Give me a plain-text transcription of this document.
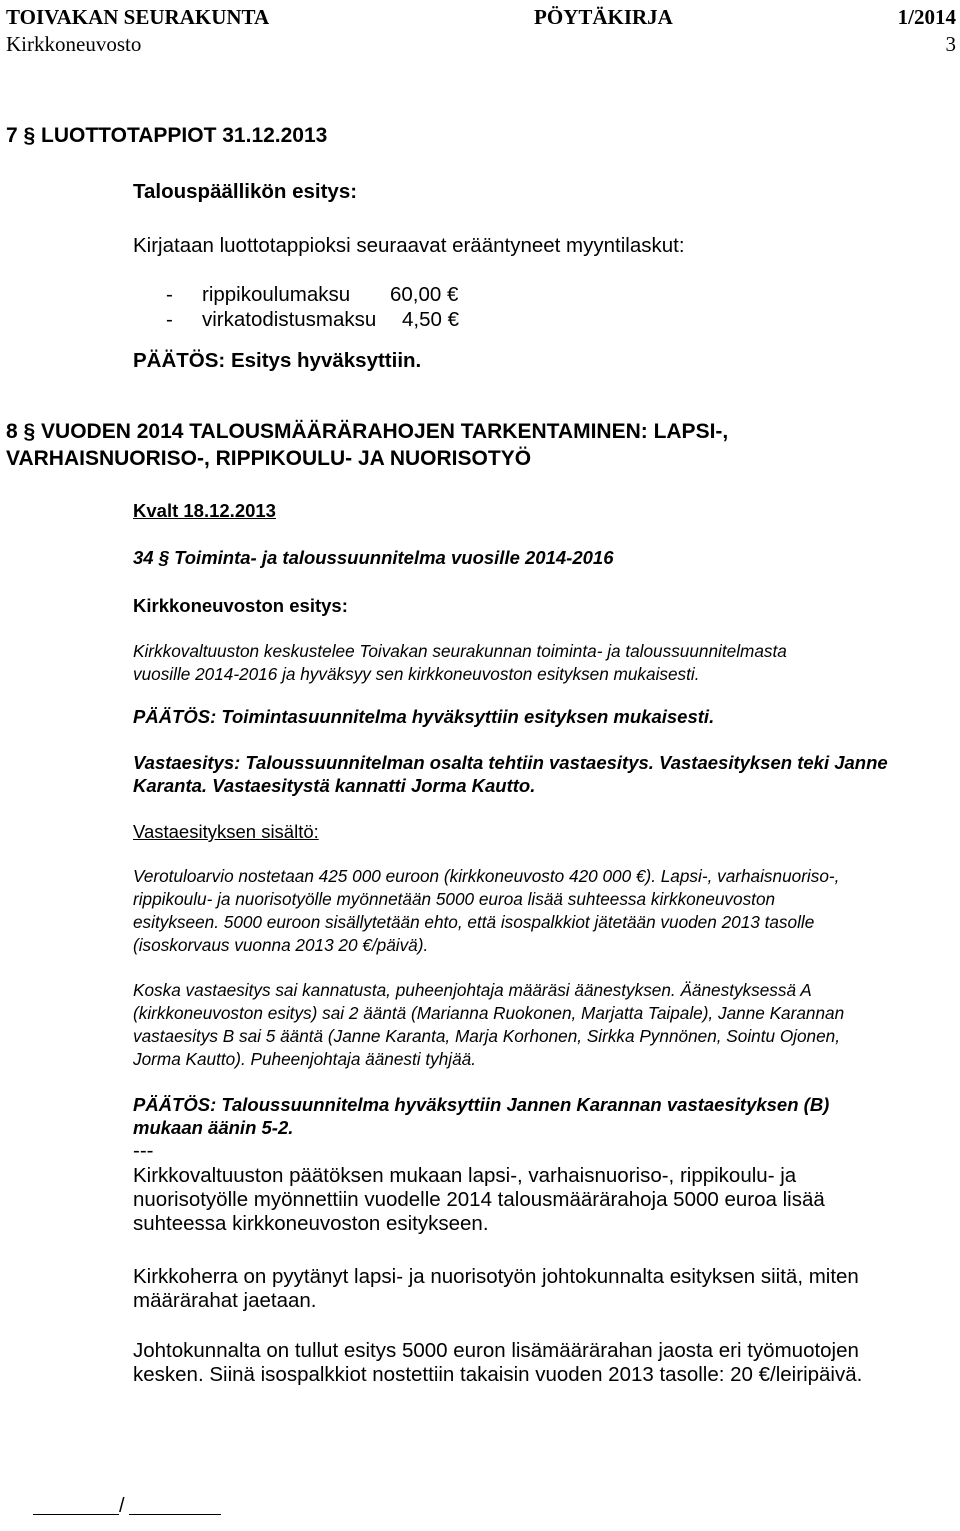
TOIVAKAN SEURAKUNTA	PÖYTÄKIRJA	1/2014
Kirkkoneuvosto	3
7 § LUOTTOTAPPIOT 31.12.2013
Talouspäällikön esitys:
Kirjataan luottotappioksi seuraavat erääntyneet myyntilaskut:
- rippikoulumaksu 60,00 €
- virkatodistusmaksu 4,50 €
PÄÄTÖS: Esitys hyväksyttiin.
8 § VUODEN 2014 TALOUSMÄÄRÄRAHOJEN TARKENTAMINEN: LAPSI-,
VARHAISNUORISO-, RIPPIKOULU- JA NUORISOTYÖ
Kvalt 18.12.2013
34 § Toiminta- ja taloussuunnitelma vuosille 2014-2016
Kirkkoneuvoston esitys:
Kirkkovaltuuston keskustelee Toivakan seurakunnan toiminta- ja taloussuunnitelmasta
vuosille 2014-2016 ja hyväksyy sen kirkkoneuvoston esityksen mukaisesti.
PÄÄTÖS: Toimintasuunnitelma hyväksyttiin esityksen mukaisesti.
Vastaesitys: Taloussuunnitelman osalta tehtiin vastaesitys. Vastaesityksen teki Janne
Karanta. Vastaesitystä kannatti Jorma Kautto.
Vastaesityksen sisältö:
Verotuloarvio nostetaan 425 000 euroon (kirkkoneuvosto 420 000 €). Lapsi-, varhaisnuoriso-,
rippikoulu- ja nuorisotyölle myönnetään 5000 euroa lisää suhteessa kirkkoneuvoston
esitykseen. 5000 euroon sisällytetään ehto, että isospalkkiot jätetään vuoden 2013 tasolle
(isoskorvaus vuonna 2013 20 €/päivä).
Koska vastaesitys sai kannatusta, puheenjohtaja määräsi äänestyksen. Äänestyksessä A
(kirkkoneuvoston esitys) sai 2 ääntä (Marianna Ruokonen, Marjatta Taipale), Janne Karannan
vastaesitys B sai 5 ääntä (Janne Karanta, Marja Korhonen, Sirkka Pynnönen, Sointu Ojonen,
Jorma Kautto). Puheenjohtaja äänesti tyhjää.
PÄÄTÖS: Taloussuunnitelma hyväksyttiin Jannen Karannan vastaesityksen (B)
mukaan äänin 5-2.
---
Kirkkovaltuuston päätöksen mukaan lapsi-, varhaisnuoriso-, rippikoulu- ja
nuorisotyölle myönnettiin vuodelle 2014 talousmäärärahoja 5000 euroa lisää
suhteessa kirkkoneuvoston esitykseen.
Kirkkoherra on pyytänyt lapsi- ja nuorisotyön johtokunnalta esityksen siitä, miten
määrärahat jaetaan.
Johtokunnalta on tullut esitys 5000 euron lisämäärärahan jaosta eri työmuotojen
kesken. Siinä isospalkkiot nostettiin takaisin vuoden 2013 tasolle: 20 €/leiripäivä.
/
